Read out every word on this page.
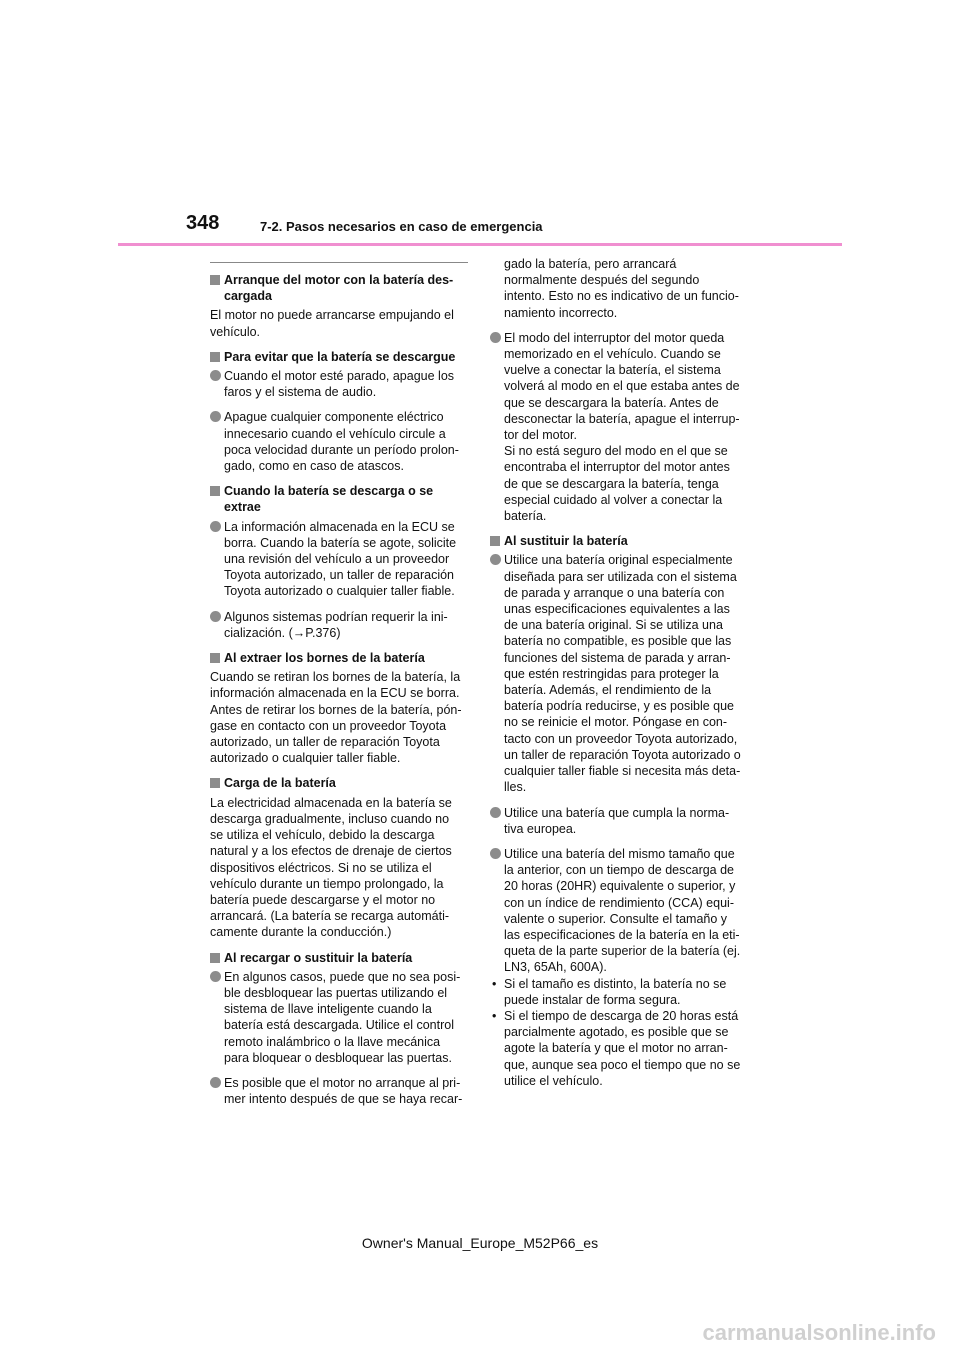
348	7-2. Pasos necesarios en caso de emergencia
Arranque del motor con la batería des-
cargada
El motor no puede arrancarse empujando el
vehículo.
Para evitar que la batería se descargue
Cuando el motor esté parado, apague los
faros y el sistema de audio.
Apague cualquier componente eléctrico
innecesario cuando el vehículo circule a
poca velocidad durante un período prolon-
gado, como en caso de atascos.
Cuando la batería se descarga o se
extrae
La información almacenada en la ECU se
borra. Cuando la batería se agote, solicite
una revisión del vehículo a un proveedor
Toyota autorizado, un taller de reparación
Toyota autorizado o cualquier taller fiable.
Algunos sistemas podrían requerir la ini-
cialización. (→P.376)
Al extraer los bornes de la batería
Cuando se retiran los bornes de la batería, la
información almacenada en la ECU se borra.
Antes de retirar los bornes de la batería, pón-
gase en contacto con un proveedor Toyota
autorizado, un taller de reparación Toyota
autorizado o cualquier taller fiable.
Carga de la batería
La electricidad almacenada en la batería se
descarga gradualmente, incluso cuando no
se utiliza el vehículo, debido la descarga
natural y a los efectos de drenaje de ciertos
dispositivos eléctricos. Si no se utiliza el
vehículo durante un tiempo prolongado, la
batería puede descargarse y el motor no
arrancará. (La batería se recarga automáti-
camente durante la conducción.)
Al recargar o sustituir la batería
En algunos casos, puede que no sea posi-
ble desbloquear las puertas utilizando el
sistema de llave inteligente cuando la
batería está descargada. Utilice el control
remoto inalámbrico o la llave mecánica
para bloquear o desbloquear las puertas.
Es posible que el motor no arranque al pri-
mer intento después de que se haya recar-
gado la batería, pero arrancará
normalmente después del segundo
intento. Esto no es indicativo de un funcio-
namiento incorrecto.
El modo del interruptor del motor queda
memorizado en el vehículo. Cuando se
vuelve a conectar la batería, el sistema
volverá al modo en el que estaba antes de
que se descargara la batería. Antes de
desconectar la batería, apague el interrup-
tor del motor.
Si no está seguro del modo en el que se
encontraba el interruptor del motor antes
de que se descargara la batería, tenga
especial cuidado al volver a conectar la
batería.
Al sustituir la batería
Utilice una batería original especialmente
diseñada para ser utilizada con el sistema
de parada y arranque o una batería con
unas especificaciones equivalentes a las
de una batería original. Si se utiliza una
batería no compatible, es posible que las
funciones del sistema de parada y arran-
que estén restringidas para proteger la
batería. Además, el rendimiento de la
batería podría reducirse, y es posible que
no se reinicie el motor. Póngase en con-
tacto con un proveedor Toyota autorizado,
un taller de reparación Toyota autorizado o
cualquier taller fiable si necesita más deta-
lles.
Utilice una batería que cumpla la norma-
tiva europea.
Utilice una batería del mismo tamaño que
la anterior, con un tiempo de descarga de
20 horas (20HR) equivalente o superior, y
con un índice de rendimiento (CCA) equi-
valente o superior. Consulte el tamaño y
las especificaciones de la batería en la eti-
queta de la parte superior de la batería (ej.
LN3, 65Ah, 600A).
• Si el tamaño es distinto, la batería no se
puede instalar de forma segura.
• Si el tiempo de descarga de 20 horas está
parcialmente agotado, es posible que se
agote la batería y que el motor no arran-
que, aunque sea poco el tiempo que no se
utilice el vehículo.
Owner's Manual_Europe_M52P66_es
carmanualsonline.info
